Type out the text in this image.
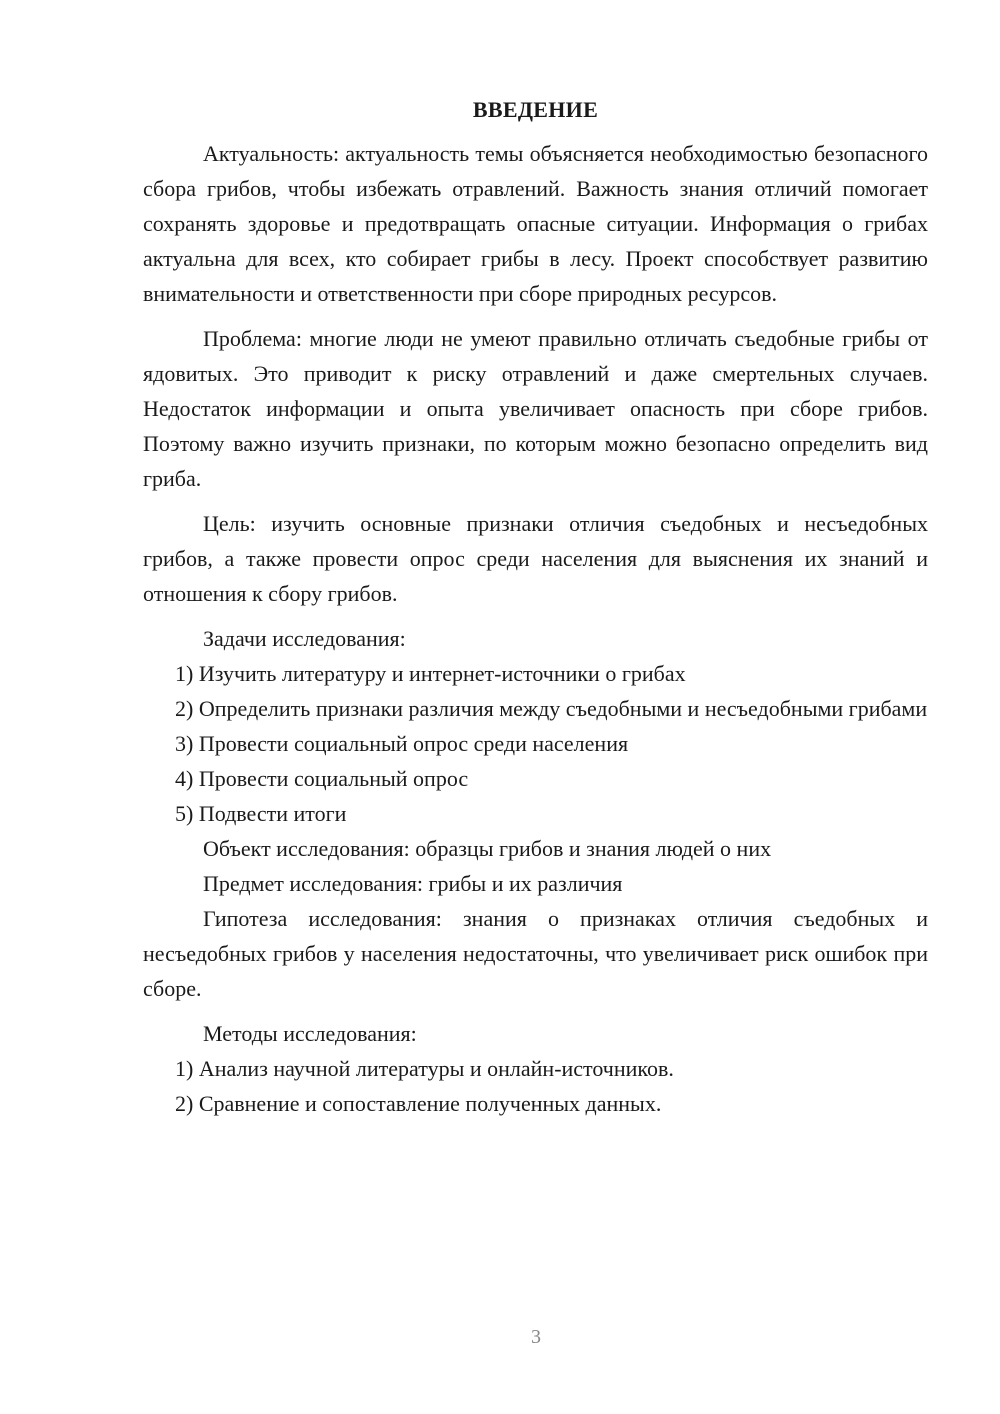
ВВЕДЕНИЕ

Актуальность: актуальность темы объясняется необходимостью безопасного сбора грибов, чтобы избежать отравлений. Важность знания отличий помогает сохранять здоровье и предотвращать опасные ситуации. Информация о грибах актуальна для всех, кто собирает грибы в лесу. Проект способствует развитию внимательности и ответственности при сборе природных ресурсов.

Проблема: многие люди не умеют правильно отличать съедобные грибы от ядовитых. Это приводит к риску отравлений и даже смертельных случаев. Недостаток информации и опыта увеличивает опасность при сборе грибов. Поэтому важно изучить признаки, по которым можно безопасно определить вид гриба.

Цель: изучить основные признаки отличия съедобных и несъедобных грибов, а также провести опрос среди населения для выяснения их знаний и отношения к сбору грибов.

Задачи исследования:

1) Изучить литературу и интернет-источники о грибах

2) Определить признаки различия между съедобными и несъедобными грибами

3) Провести социальный опрос среди населения

4) Провести социальный опрос

5) Подвести итоги

Объект исследования: образцы грибов и знания людей о них

Предмет исследования: грибы и их различия

Гипотеза исследования: знания о признаках отличия съедобных и несъедобных грибов у населения недостаточны, что увеличивает риск ошибок при сборе.

Методы исследования:

1) Анализ научной литературы и онлайн-источников.

2) Сравнение и сопоставление полученных данных.

3
